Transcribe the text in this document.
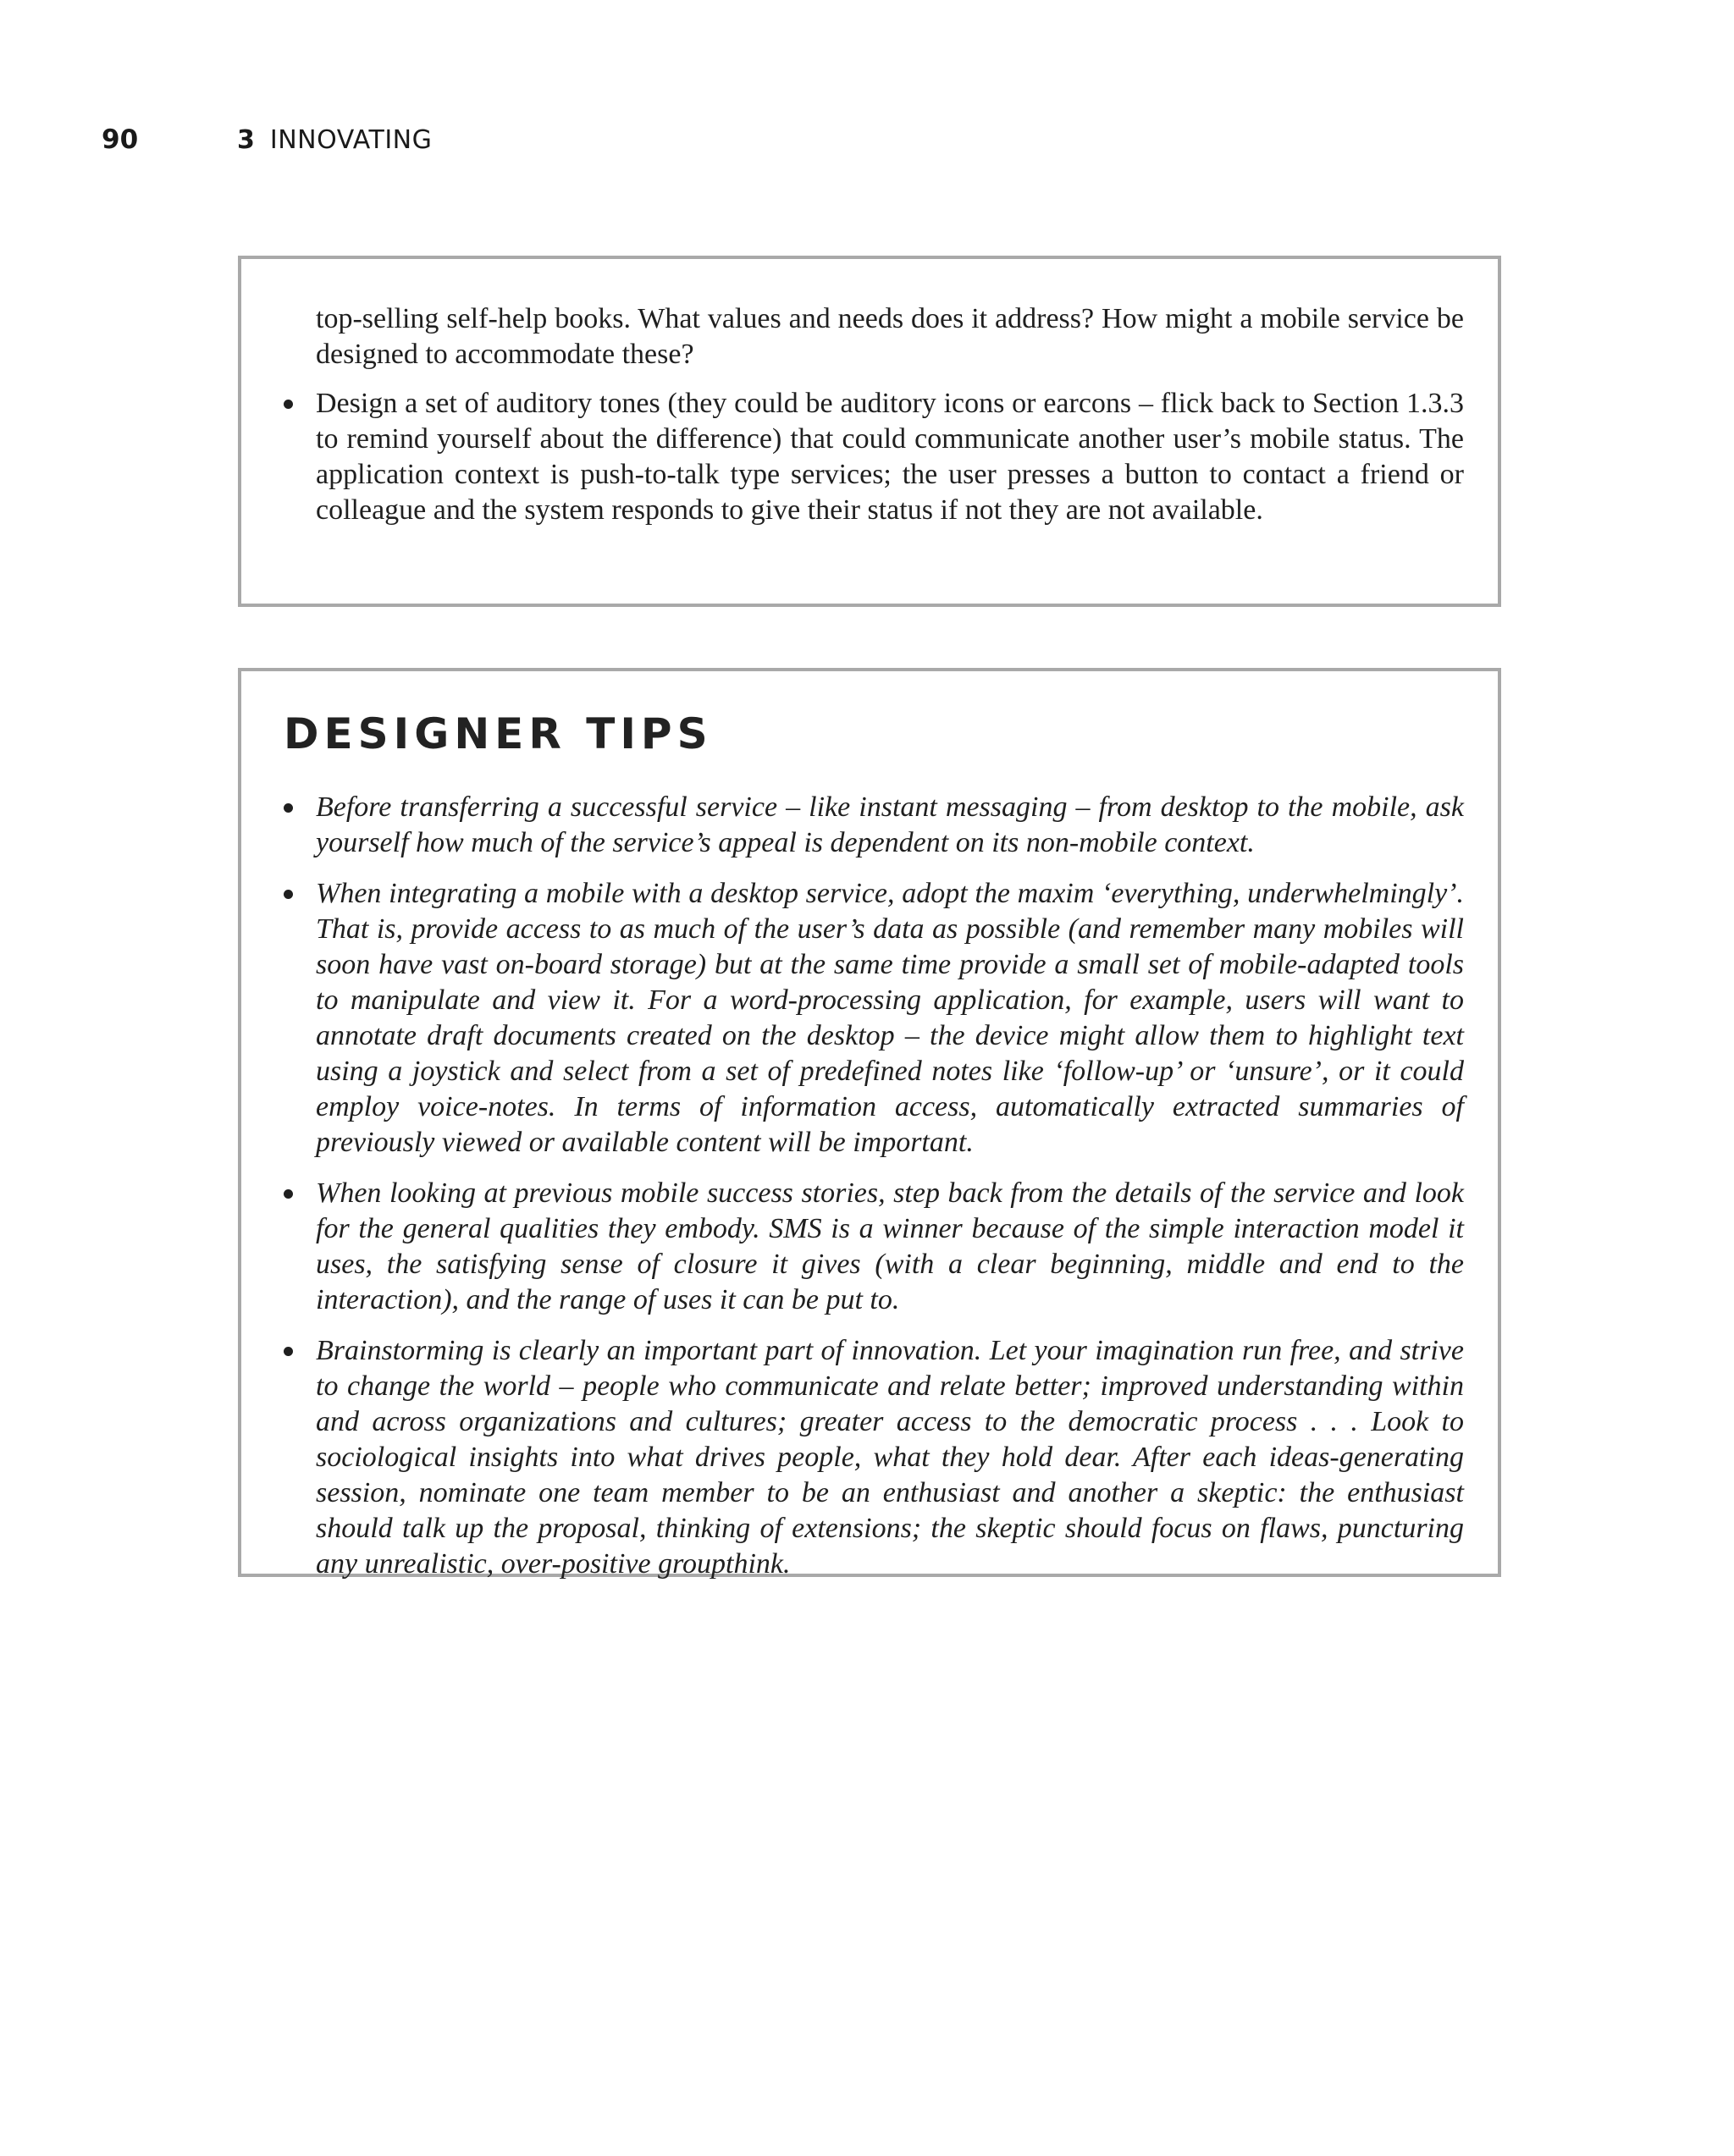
90	3 INNOVATING

top-selling self-help books. What values and needs does it address? How might a mobile service be designed to accommodate these?

Design a set of auditory tones (they could be auditory icons or earcons – flick back to Section 1.3.3 to remind yourself about the difference) that could communicate another user’s mobile status. The application context is push-to-talk type services; the user presses a button to contact a friend or colleague and the system responds to give their status if not they are not available.
DESIGNER TIPS
Before transferring a successful service – like instant messaging – from desktop to the mobile, ask yourself how much of the service’s appeal is dependent on its non-mobile context.
When integrating a mobile with a desktop service, adopt the maxim ‘everything, underwhelmingly’. That is, provide access to as much of the user’s data as possible (and remember many mobiles will soon have vast on-board storage) but at the same time provide a small set of mobile-adapted tools to manipulate and view it. For a word-processing application, for example, users will want to annotate draft documents created on the desktop – the device might allow them to highlight text using a joystick and select from a set of predefined notes like ‘follow-up’ or ‘unsure’, or it could employ voice-notes. In terms of information access, automatically extracted summaries of previously viewed or available content will be important.
When looking at previous mobile success stories, step back from the details of the service and look for the general qualities they embody. SMS is a winner because of the simple interaction model it uses, the satisfying sense of closure it gives (with a clear beginning, middle and end to the interaction), and the range of uses it can be put to.
Brainstorming is clearly an important part of innovation. Let your imagination run free, and strive to change the world – people who communicate and relate better; improved understanding within and across organizations and cultures; greater access to the democratic process . . . Look to sociological insights into what drives people, what they hold dear. After each ideas-generating session, nominate one team member to be an enthusiast and another a skeptic: the enthusiast should talk up the proposal, thinking of extensions; the skeptic should focus on flaws, puncturing any unrealistic, over-positive groupthink.
